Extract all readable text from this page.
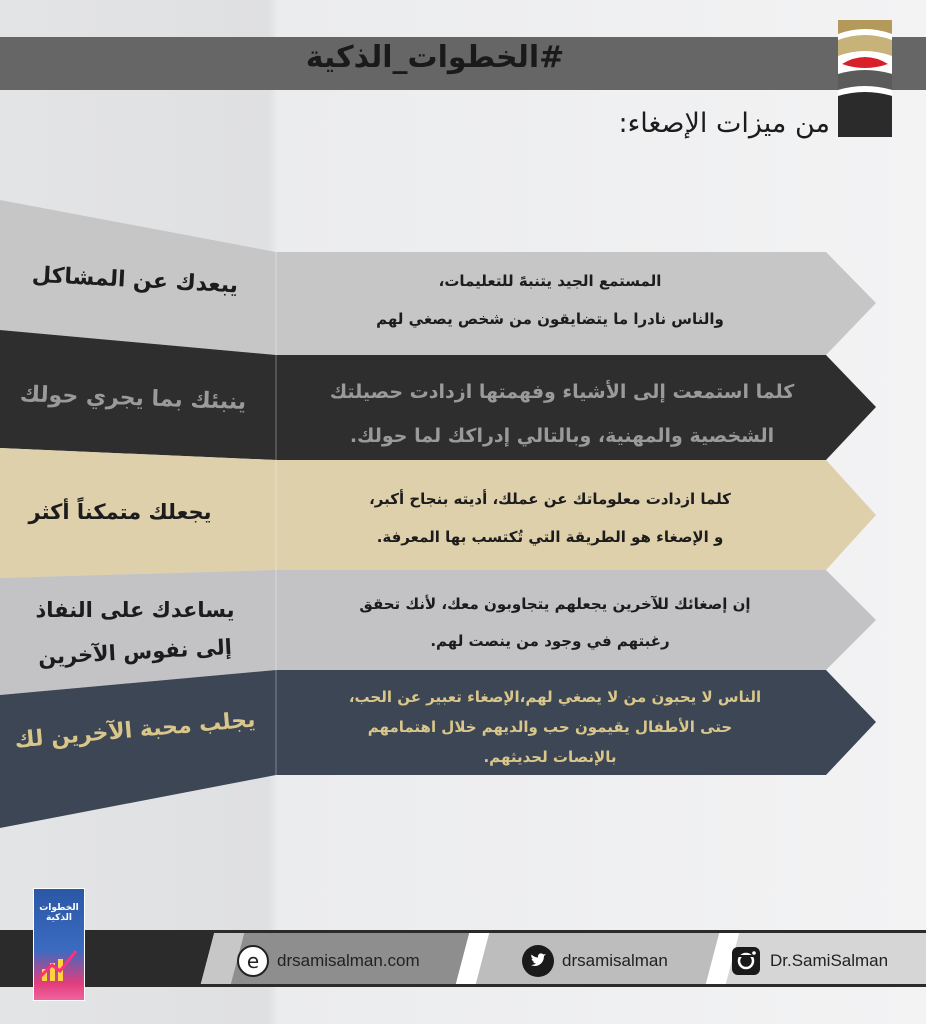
#الخطوات_الذكية
من ميزات الإصغاء:
يبعدك عن المشاكل
ينبئك بما يجري حولك
يجعلك متمكناً أكثر
يساعدك على النفاذ
إلى نفوس الآخرين
يجلب محبة الآخرين لك
المستمع الجيد يتنبهً للتعليمات،
والناس نادرا ما يتضايقون من شخص يصغي لهم
كلما استمعت إلى الأشياء وفهمتها ازدادت حصيلتك
الشخصية والمهنية، وبالتالي إدراكك لما حولك.
كلما ازدادت معلوماتك عن عملك، أديته بنجاح أكبر،
و الإصغاء هو الطريقة التي تُكتسب بها المعرفة.
إن إصغائك للآخرين يجعلهم يتجاوبون معك، لأنك تحقق
رغبتهم في وجود من ينصت لهم.
الناس لا يحبون من لا يصغي لهم،الإصغاء تعبير عن الحب،
حتى الأطفال يقيمون حب والديهم خلال اهتمامهم
بالإنصات لحديثهم.
الخطوات الذكية
e drsamisalman.com	drsamisalman	Dr.SamiSalman
